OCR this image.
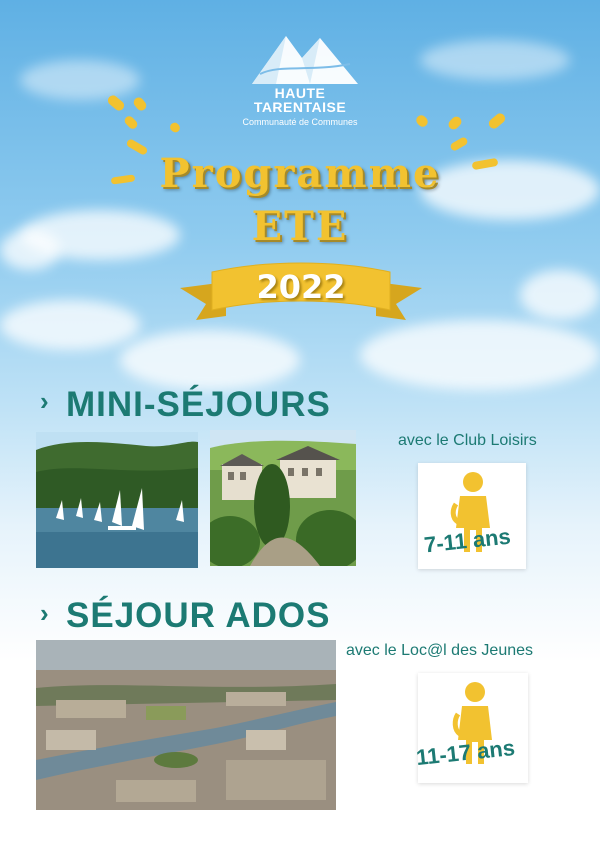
HAUTE
TARENTAISE
Communauté de Communes
Programme
ETE
2022
› MINI-SÉJOURS
avec le Club Loisirs
7-11 ans
› SÉJOUR ADOS
avec le Loc@l des Jeunes
11-17 ans
